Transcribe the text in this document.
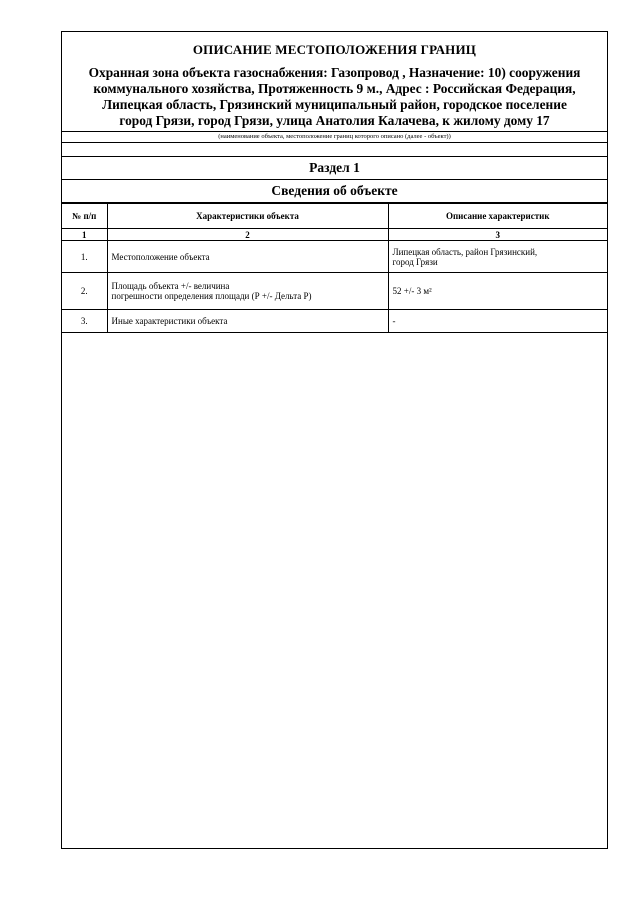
ОПИСАНИЕ МЕСТОПОЛОЖЕНИЯ ГРАНИЦ
Охранная зона объекта газоснабжения: Газопровод , Назначение: 10) сооружения
коммунального хозяйства, Протяженность 9 м., Адрес : Российская Федерация,
Липецкая область, Грязинский муниципальный район, городское поселение
город Грязи, город Грязи, улица Анатолия Калачева, к жилому дому 17
(наименование объекта, местоположение границ которого описано (далее - объект))
Раздел 1
Сведения об объекте
№ п/п	Характеристики объекта	Описание характеристик
1	2	3
1.	Местоположение объекта	Липецкая область, район Грязинский,
город Грязи

2.	Площадь объекта +/- величина
погрешности определения площади (Р +/- Дельта Р)	52 +/- 3 м²
3.	Иные характеристики объекта	-
